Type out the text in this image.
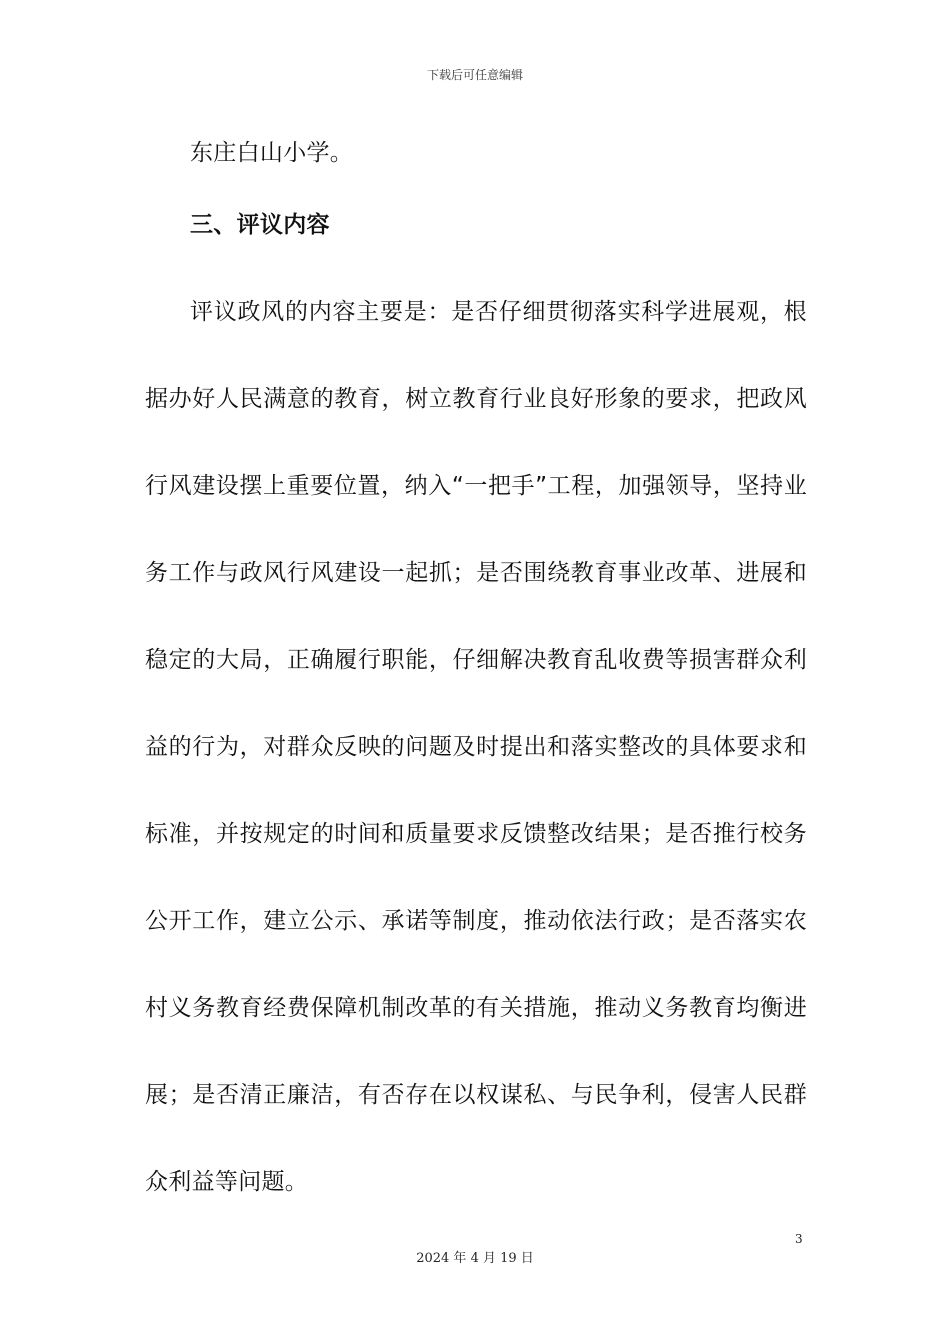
下载后可任意编辑
东庄白山小学。
三、评议内容
评议政风的内容主要是：是否仔细贯彻落实科学进展观，根
据办好人民满意的教育，树立教育行业良好形象的要求，把政风
行风建设摆上重要位置，纳入“一把手”工程，加强领导，坚持业
务工作与政风行风建设一起抓；是否围绕教育事业改革、进展和
稳定的大局，正确履行职能，仔细解决教育乱收费等损害群众利
益的行为，对群众反映的问题及时提出和落实整改的具体要求和
标准，并按规定的时间和质量要求反馈整改结果；是否推行校务
公开工作，建立公示、承诺等制度，推动依法行政；是否落实农
村义务教育经费保障机制改革的有关措施，推动义务教育均衡进
展；是否清正廉洁，有否存在以权谋私、与民争利，侵害人民群
众利益等问题。
3
2024 年 4 月 19 日
